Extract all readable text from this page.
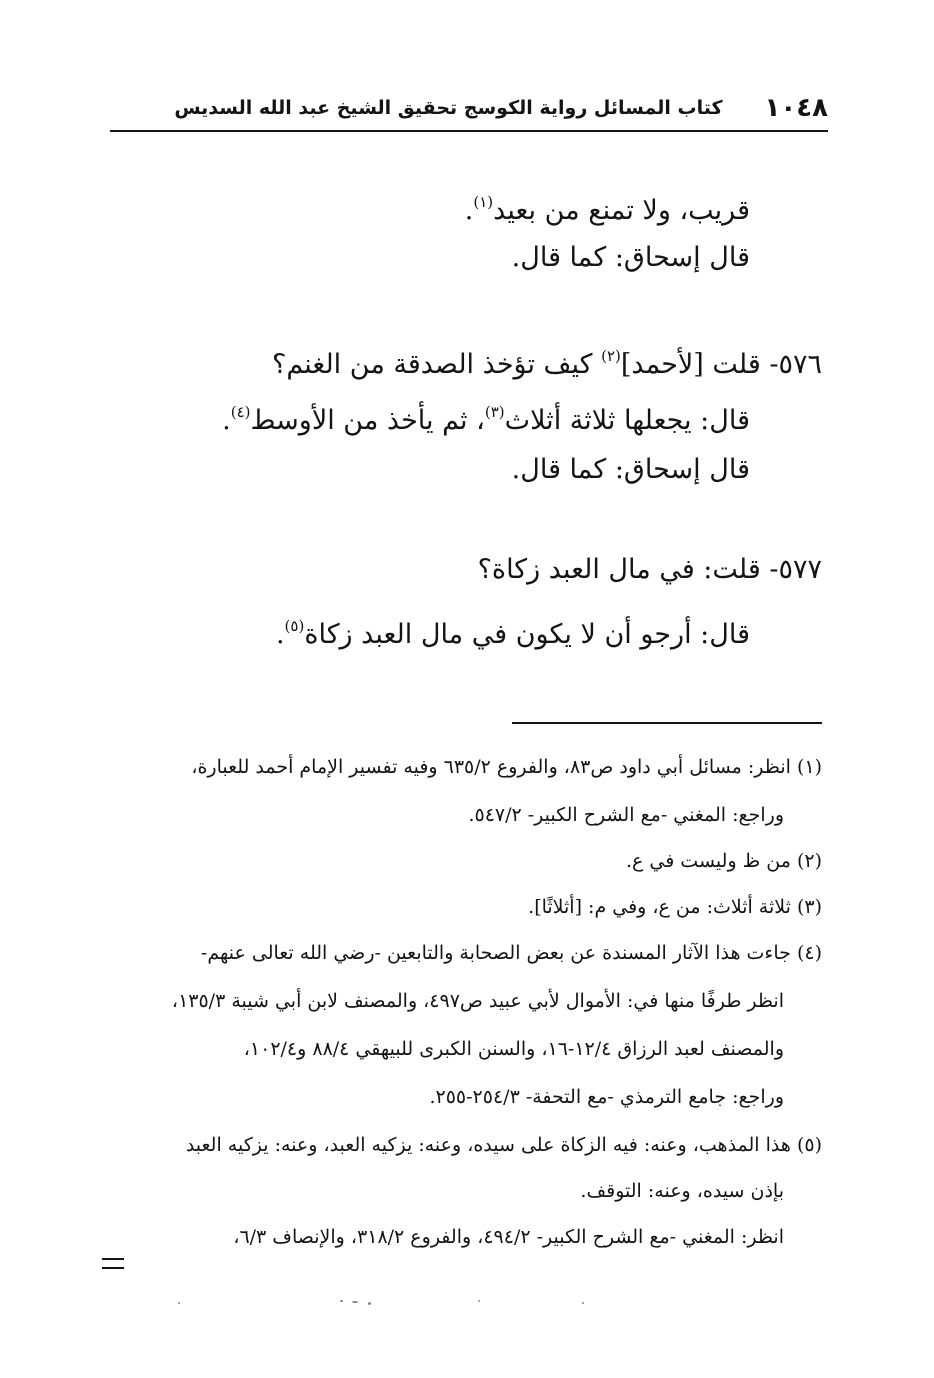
١٠٤٨
كتاب المسائل رواية الكوسج تحقيق الشيخ عبد الله السديس
قريب، ولا تمنع من بعيد$^{(١)}$.
قال إسحاق: كما قال.
٥٧٦- قلت [لأحمد]$^{(٢)}$ كيف تؤخذ الصدقة من الغنم؟
قال: يجعلها ثلاثة أثلاث$^{(٣)}$، ثم يأخذ من الأوسط$^{(٤)}$.
قال إسحاق: كما قال.
٥٧٧- قلت: في مال العبد زكاة؟
قال: أرجو أن لا يكون في مال العبد زكاة$^{(٥)}$.
(١) انظر: مسائل أبي داود ص٨٣، والفروع ٦٣٥/٢ وفيه تفسير الإمام أحمد للعبارة،
وراجع: المغني -مع الشرح الكبير- ٥٤٧/٢.
(٢) من ظ وليست في ع.
(٣) ثلاثة أثلاث: من ع، وفي م: [أثلاثًا].
(٤) جاءت هذا الآثار المسندة عن بعض الصحابة والتابعين -رضي الله تعالى عنهم-
انظر طرفًا منها في: الأموال لأبي عبيد ص٤٩٧، والمصنف لابن أبي شيبة ١٣٥/٣،
والمصنف لعبد الرزاق ١٢/٤-١٦، والسنن الكبرى للبيهقي ٨٨/٤ و١٠٢/٤،
وراجع: جامع الترمذي -مع التحفة- ٢٥٤/٣-٢٥٥.
(٥) هذا المذهب، وعنه: فيه الزكاة على سيده، وعنه: يزكيه العبد، وعنه: يزكيه العبد
بإذن سيده، وعنه: التوقف.
انظر: المغني -مع الشرح الكبير- ٤٩٤/٢، والفروع ٣١٨/٢، والإنصاف ٦/٣،
